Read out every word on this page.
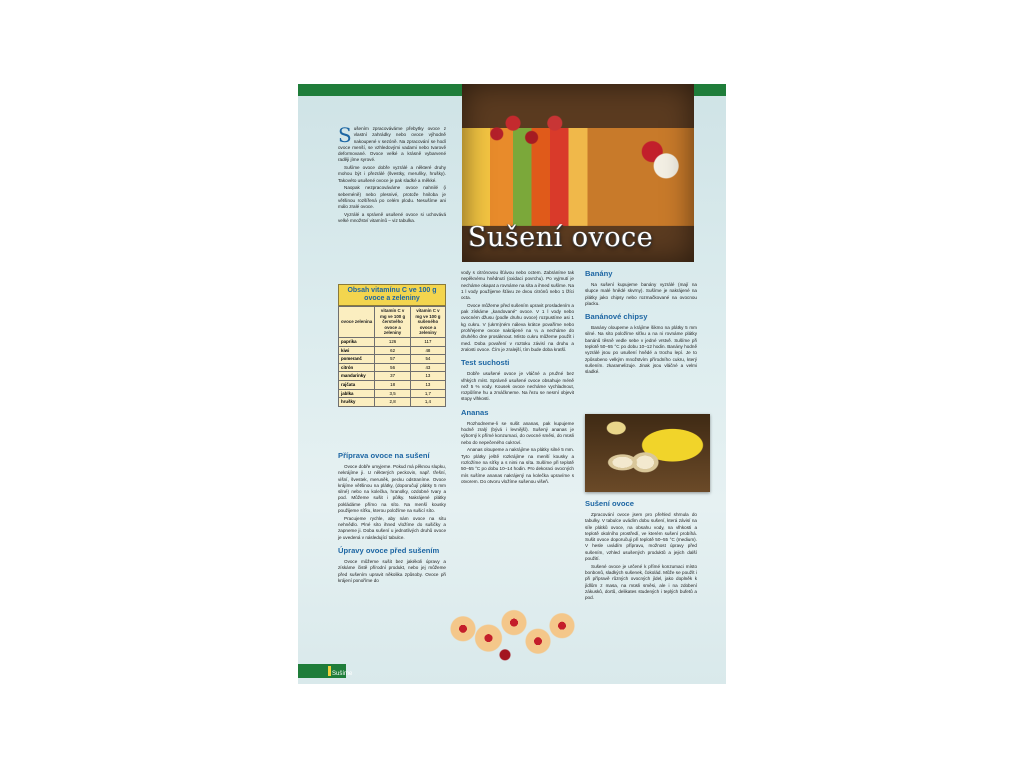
Sušení ovoce
S ušením zpracováváme přebytky ovoce z vlastní zahrádky nebo ovoce výhodně nakoupené v sezóně. Na zpracování se hodí ovoce menší, se vzhledovými vadami nebo tvarově deformované. Ovoce velké a krásně vybarvené raději jíme syrové.

Sušíme ovoce dobře vyzrálé a některé druhy mohou být i přezrálé (švestky, meruňky, hrušky). Takovéto usušené ovoce je pak sladké a měkké.

Naopak nezpracováváme ovoce nahnilé (i sebeméně) nebo plesnivé, protože hniloba je většinou rozšířená po celém plodu. Nesušíme ani málo zralé ovoce.

Vyzrálé a správně usušené ovoce si uchovává velké množství vitamínů – viz tabulka.

Obsah vitamínu C ve 100 g ovoce a zeleniny
ovoce zelenina	vitamín C v mg ve 100 g čerstvého ovoce a zeleniny	vitamín C v mg ve 100 g sušeného ovoce a zeleniny
paprika	126	117
kiwi	62	48
pomeranč	57	54
citrón	56	43
mandarinky	37	13
rajčata	18	13
jablka	3,5	1,7
hrušky	2,8	1,4
Příprava ovoce na sušení

Ovoce dobře umyjeme. Pokud má pěknou slupku, nekrájíme ji. U některých peckovin, např. třešní, višní, švestek, meruněk, pecku odstraníme. Ovoce krájíme většinou na plátky, (doporučují plátky 5 mm silné) nebo na kolečka, hranolky, ozdobné tvary a pod. Můžeme sušit i půlky. Nakrájené plátky pokládáme přímo na síto. Na menší kousky použijeme síťku, kterou položíme na sušicí síto.

Pracujeme rychle, aby nám ovoce na sítu nehnědlo. Plné síto ihned vložíme do sušičky a zapneme ji. Doba sušení u jednotlivých druhů ovoce je uvedená v následující tabulce.

Úpravy ovoce před sušením

Ovoce můžeme sušit bez jakékoli úpravy a získáme čistě přírodní produkt, nebo jej můžeme před sušením upravit několika způsoby. Ovoce při krájení ponoříme do

vody s citrónovou šťávou nebo octem. Zabráníme tak nepěknému hnědnutí (oxidaci povrchu). Po vyjmutí je necháme okapat a rovnáme na síta a ihned sušíme. Na 1 l vody použijeme šťávu ze dvou citrónů nebo 1 lžíci octa.

Ovoce můžeme před sušením upravit prosladením a pak získáme „kandované“ ovoce. V 1 l vody nebo ovocném džusu (podle druhu ovoce) rozpustíme asi 1 kg cukru. V (ukrm)ném náleva krátce povaříme nebo prohřejeme ovoce nakrájené na ¼ a necháme do druhého dne prosáknout. Místo cukru můžeme použít i med. Doba povaření v roztoku závisí na druhu a zralosti ovoce. Čím je zralejší, tím bude doba kratší.

Test suchosti

Dobře usušené ovoce je vláčné a pružné bez vlhkých míst. Správně usušené ovoce obsahuje méně než 5 % vody. Kousek ovoce necháme vychladnout, rozpůlíme hu a zmáčkneme. Na řezu se nesmí objevit stopy vlhkosti.

Ananas

Rozhodneme-li se sušit ananas, pak kupujeme hodně zralý (bývá i levnější). Sušený ananas je výborný k přímé konzumaci, do ovocné směsi, do müsli nebo do nepečeného cukroví.

Ananas oloupeme a nakrájíme na plátky silné 5 mm. Tyto plátky ještě rozkrájíme na menší kousky a rozložíme na síťky a s nimi na síta. Sušíme při teplotě 50–55 °C po dobu 10–14 hodin. Pro dekoraci ovocných mís sušíme ananas nakrájený na kolečka upravíme s otvorem. Do otvoru vložíme sušenou višeň.

Banány

Na sušení kupujeme banány vyzrálé (mají na slupce malé hnědé skvrny). Sušíme je nakrájené na plátky jako chipsy nebo rozmačkované na ovocnou placku.

Banánové chipsy

Banány oloupeme a krájíme šikmo na plátky 5 mm silné. Na síto položíme síťku a na ni rovnáme plátky banánů těsně vedle sebe v jedné vrstvě. Sušíme při teplotě 50–55 °C po dobu 10–12 hodin. Banány hodně vyzrálé jsou po usušení hnědé a trochu lepí. Je to způsobeno velkým množstvím přírodního cukru, který sušením. zkaramelizuje. Jinak jsou vláčné a velmi sladké.

Sušení ovoce

Zpracování ovoce jsem pro přehled shrnula do tabulky. V tabulce uvádím dobu sušení, která závisí na síle plátků ovoce, na obsahu vody, na vlhkosti a teplotě okolního prostředí, ve kterém sušení probíhá. Sušit ovoce doporučuji při teplotě 50–55 °C (medium). V hesle uvádím přípravu, možnost úpravy před sušením, vzhled usušených produktů a jejich další použití.

Sušené ovoce je určené k přímé konzumaci místo bonbonů, sladkých sušenek, čokolád. Může se použít i při přípravě různých ovocných jídel, jako doplněk k jídlům z masa, na müsli směsi, ale i na zdobení zákusků, dortů, delikates studených i teplých bufetů a pod.

Sušíme
